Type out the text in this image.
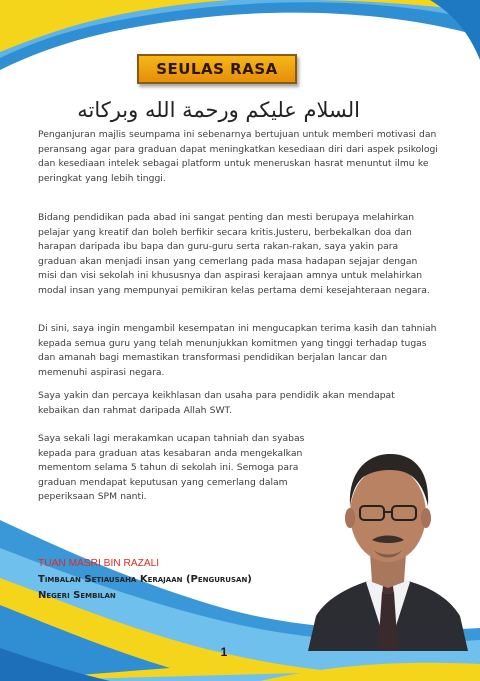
SEULAS RASA
السلام عليكم ورحمة الله وبركاته

Penganjuran majlis seumpama ini sebenarnya bertujuan untuk memberi motivasi dan peransang agar para graduan dapat meningkatkan kesediaan diri dari aspek psikologi dan kesediaan intelek sebagai platform untuk meneruskan hasrat menuntut ilmu ke peringkat yang lebih tinggi.

Bidang pendidikan pada abad ini sangat penting dan mesti berupaya melahirkan pelajar yang kreatif dan boleh berfikir secara kritis.Justeru, berbekalkan doa dan harapan daripada ibu bapa dan guru-guru serta rakan-rakan, saya yakin para graduan akan menjadi insan yang cemerlang pada masa hadapan sejajar dengan misi dan visi sekolah ini khususnya dan aspirasi kerajaan amnya untuk melahirkan modal insan yang mempunyai pemikiran kelas pertama demi kesejahteraan negara.

Di sini, saya ingin mengambil kesempatan ini mengucapkan terima kasih dan tahniah kepada semua guru yang telah menunjukkan komitmen yang tinggi terhadap tugas dan amanah bagi memastikan transformasi pendidikan berjalan lancar dan memenuhi aspirasi negara.

Saya yakin dan percaya keikhlasan dan usaha para pendidik akan mendapat kebaikan dan rahmat daripada Allah SWT.

Saya sekali lagi merakamkan ucapan tahniah dan syabas kepada para graduan atas kesabaran anda mengekalkan mementom selama 5 tahun di sekolah ini. Semoga para graduan mendapat keputusan yang cemerlang dalam peperiksaan SPM nanti.

TUAN MASRI BIN RAZALI

Timbalan Setiausaha Kerajaan (Pengurusan)

Negeri Sembilan

1
